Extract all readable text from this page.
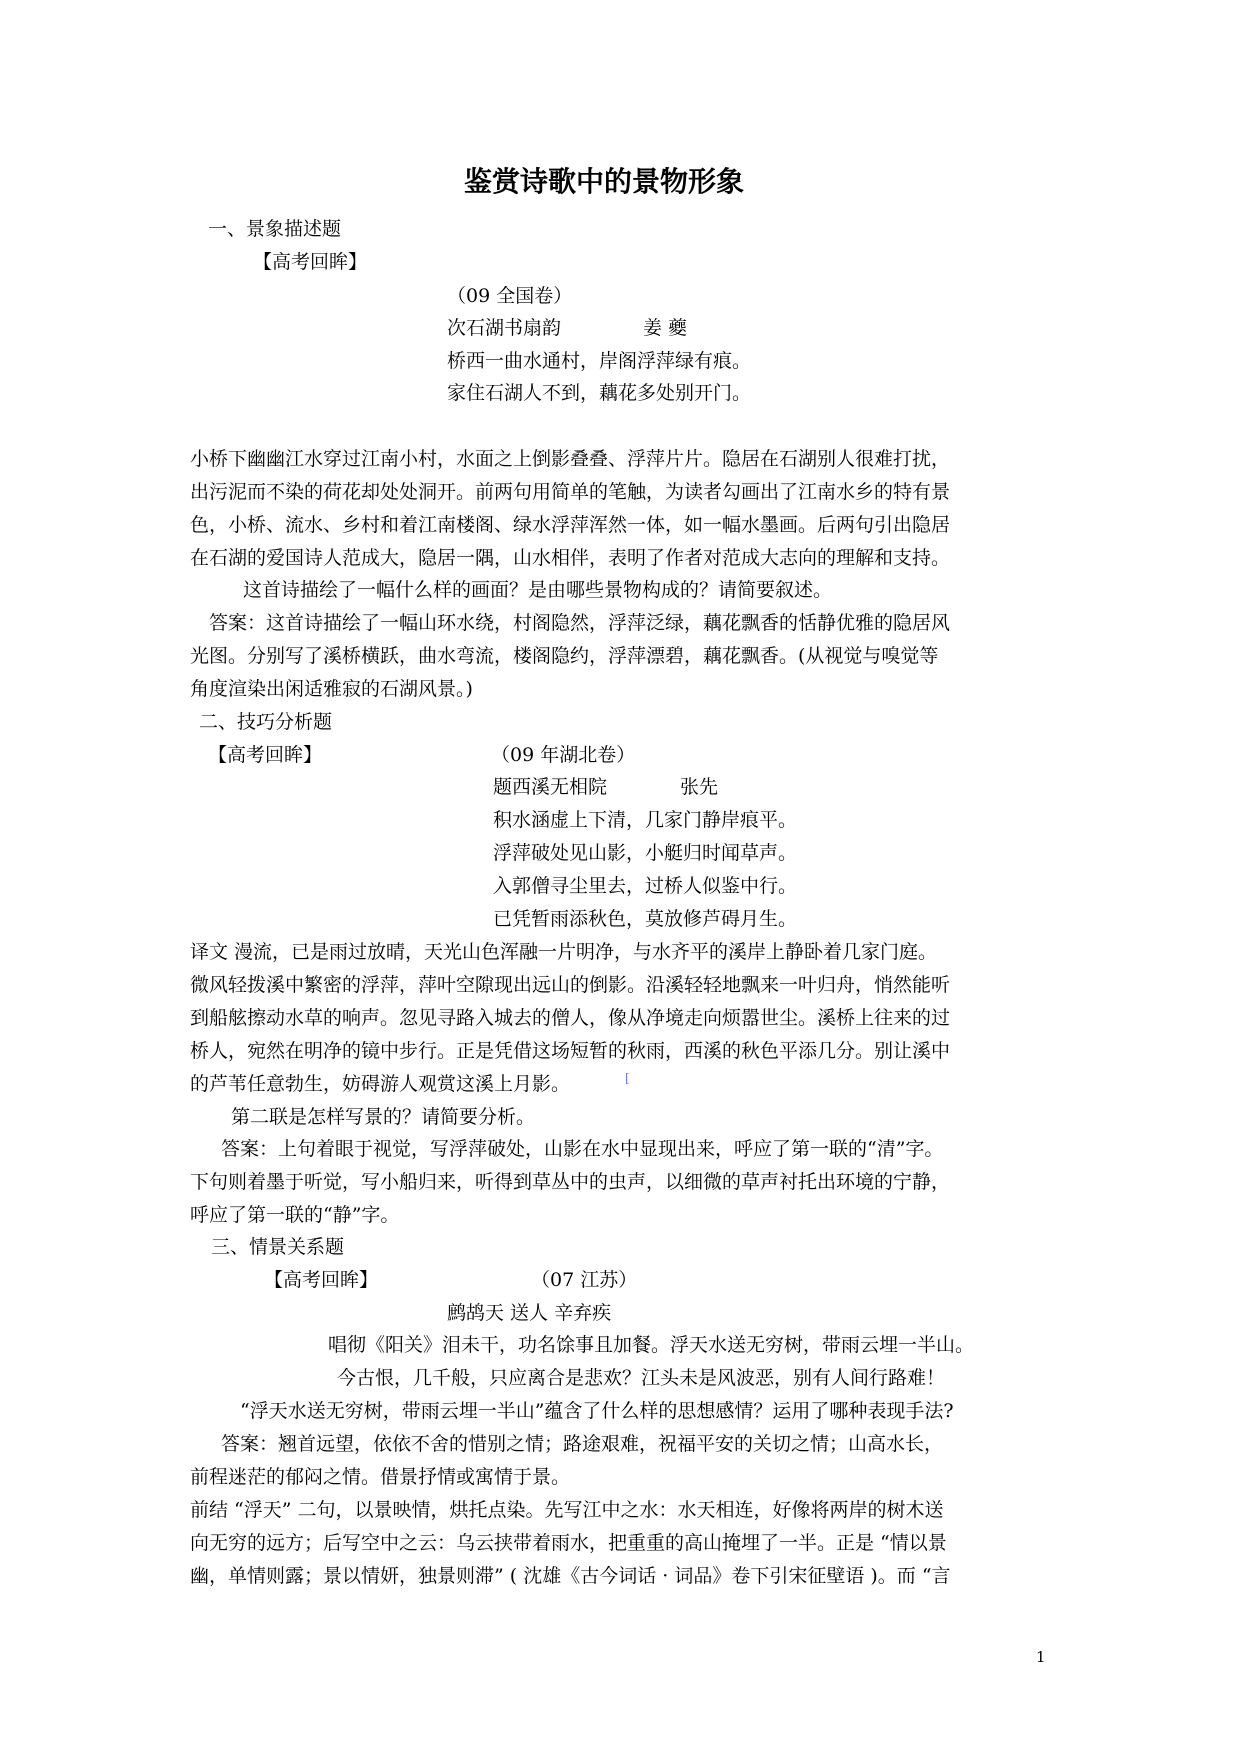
鉴赏诗歌中的景物形象
一、景象描述题
【高考回眸】
（09 全国卷）
次石湖书扇韵	姜 夔
桥西一曲水通村，岸阁浮萍绿有痕。
家住石湖人不到，藕花多处别开门。
小桥下幽幽江水穿过江南小村，水面之上倒影叠叠、浮萍片片。隐居在石湖别人很难打扰，
出污泥而不染的荷花却处处洞开。前两句用简单的笔触，为读者勾画出了江南水乡的特有景
色，小桥、流水、乡村和着江南楼阁、绿水浮萍浑然一体，如一幅水墨画。后两句引出隐居
在石湖的爱国诗人范成大，隐居一隅，山水相伴，表明了作者对范成大志向的理解和支持。
这首诗描绘了一幅什么样的画面？是由哪些景物构成的？请简要叙述。
答案：这首诗描绘了一幅山环水绕，村阁隐然，浮萍泛绿，藕花飘香的恬静优雅的隐居风
光图。分别写了溪桥横跃，曲水弯流，楼阁隐约，浮萍漂碧，藕花飘香。(从视觉与嗅觉等
角度渲染出闲适雅寂的石湖风景。)
二、技巧分析题
【高考回眸】	（09 年湖北卷）
题西溪无相院	张先
积水涵虚上下清，几家门静岸痕平。
浮萍破处见山影，小艇归时闻草声。
入郭僧寻尘里去，过桥人似鉴中行。
已凭暂雨添秋色，莫放修芦碍月生。
译文 漫流，已是雨过放晴，天光山色浑融一片明净，与水齐平的溪岸上静卧着几家门庭。
微风轻拨溪中繁密的浮萍，萍叶空隙现出远山的倒影。沿溪轻轻地飘来一叶归舟，悄然能听
到船舷擦动水草的响声。忽见寻路入城去的僧人，像从净境走向烦嚣世尘。溪桥上往来的过
桥人，宛然在明净的镜中步行。正是凭借这场短暂的秋雨，西溪的秋色平添几分。别让溪中
的芦苇任意勃生，妨碍游人观赏这溪上月影。	[
第二联是怎样写景的？请简要分析。
答案：上句着眼于视觉，写浮萍破处，山影在水中显现出来，呼应了第一联的“清”字。
下句则着墨于听觉，写小船归来，听得到草丛中的虫声，以细微的草声衬托出环境的宁静，
呼应了第一联的“静”字。
三、情景关系题
【高考回眸】	（07 江苏）
鹧鸪天 送人 辛弃疾
唱彻《阳关》泪未干，功名馀事且加餐。浮天水送无穷树，带雨云埋一半山。
今古恨，几千般，只应离合是悲欢？江头未是风波恶，别有人间行路难！
“浮天水送无穷树，带雨云埋一半山”蕴含了什么样的思想感情？运用了哪种表现手法?
答案：翘首远望，依依不舍的惜别之情；路途艰难，祝福平安的关切之情；山高水长，
前程迷茫的郁闷之情。借景抒情或寓情于景。
前结 “浮天” 二句，以景映情，烘托点染。先写江中之水：水天相连，好像将两岸的树木送
向无穷的远方；后写空中之云：乌云挟带着雨水，把重重的高山掩埋了一半。正是 “情以景
幽，单情则露；景以情妍，独景则滞” ( 沈雄《古今词话 · 词品》卷下引宋征壁语 )。而 “言
1
